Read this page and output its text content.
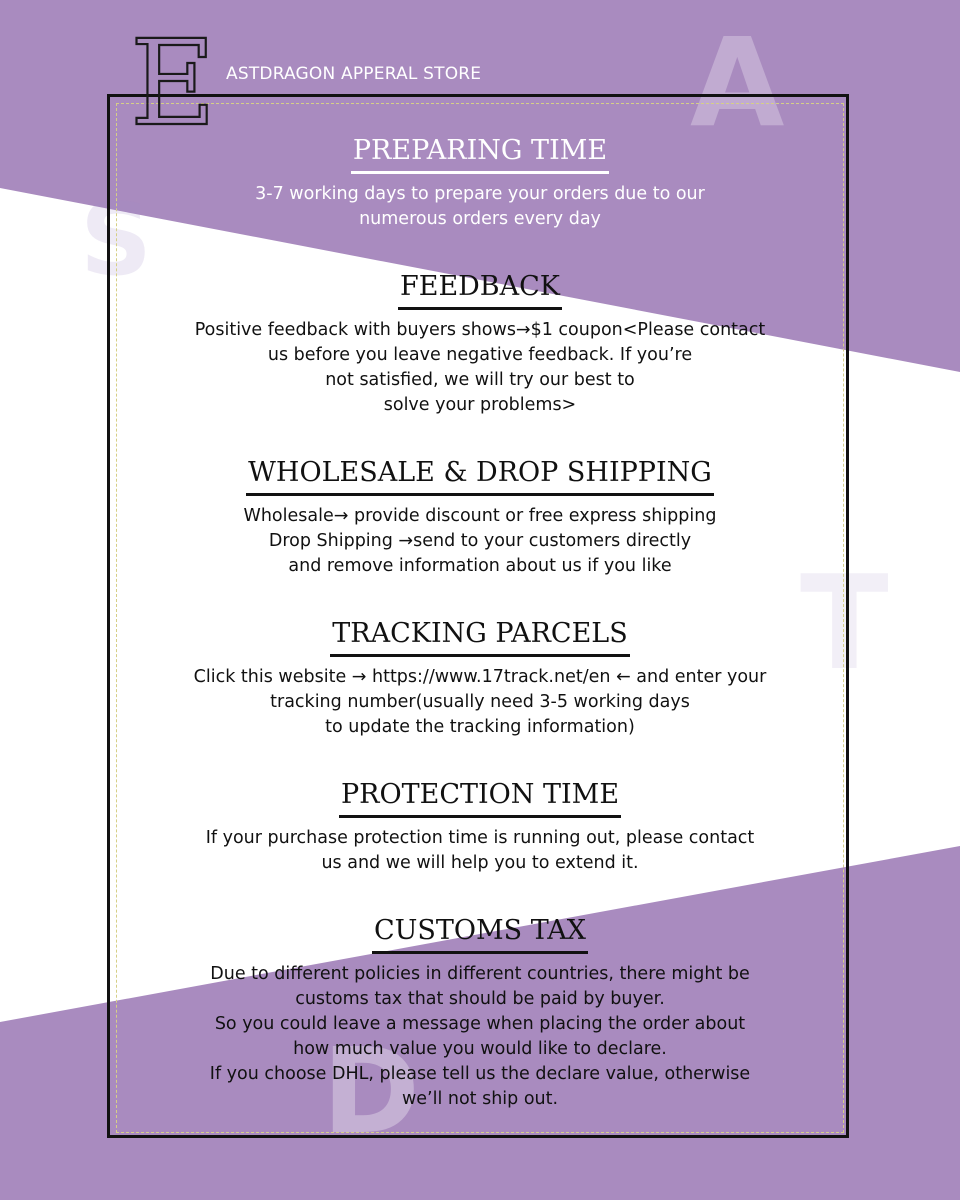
A
S
T
D
E ASTDRAGON APPERAL STORE
PREPARING TIME
3-7 working days to prepare your orders due to our
numerous orders every day
FEEDBACK
Positive feedback with buyers shows→$1 coupon<Please contact
us before you leave negative feedback. If you’re
not satisfied, we will try our best to
solve your problems>
WHOLESALE & DROP SHIPPING
Wholesale→ provide discount or free express shipping
Drop Shipping →send to your customers directly
and remove information about us if you like
TRACKING PARCELS
Click this website → https://www.17track.net/en ← and enter your
tracking number(usually need 3-5 working days
to update the tracking information)
PROTECTION TIME
If your purchase protection time is running out, please contact
us and we will help you to extend it.
CUSTOMS TAX
Due to different policies in different countries, there might be
customs tax that should be paid by buyer.
So you could leave a message when placing the order about
how much value you would like to declare.
If you choose DHL, please tell us the declare value, otherwise
we’ll not ship out.
